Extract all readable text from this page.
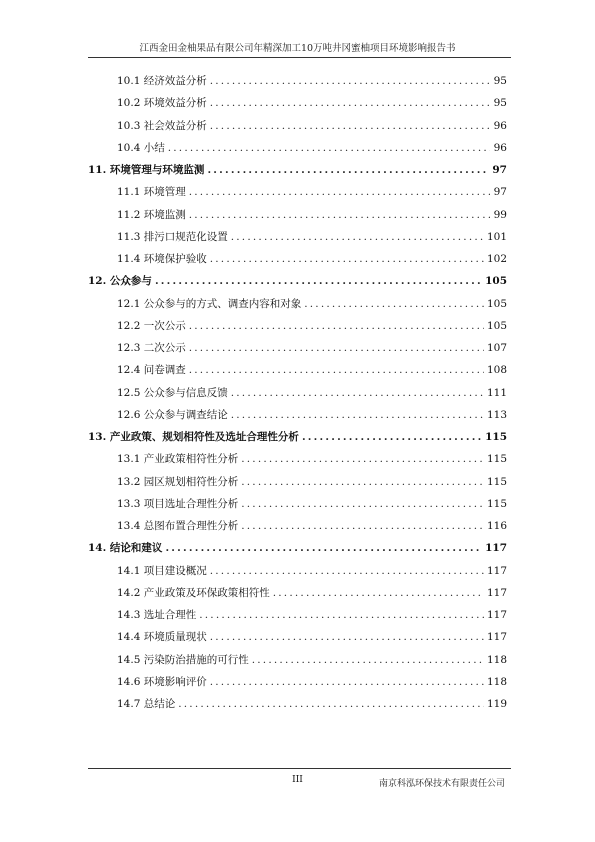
江西金田金柚果品有限公司年精深加工10万吨井冈蜜柚项目环境影响报告书
10.1 经济效益分析 .....	95
10.2 环境效益分析 .....	95
10.3 社会效益分析 .....	96
10.4 小结 .....	96
11. 环境管理与环境监测 .....	97
11.1 环境管理 .....	97
11.2 环境监测 .....	99
11.3 排污口规范化设置 .....	101
11.4 环境保护验收 .....	102
12. 公众参与 .....	105
12.1 公众参与的方式、调查内容和对象 .....	105
12.2 一次公示 .....	105
12.3 二次公示 .....	107
12.4 问卷调查 .....	108
12.5 公众参与信息反馈 .....	111
12.6 公众参与调查结论 .....	113
13. 产业政策、规划相符性及选址合理性分析 .....	115
13.1 产业政策相符性分析 .....	115
13.2 园区规划相符性分析 .....	115
13.3 项目选址合理性分析 .....	115
13.4 总图布置合理性分析 .....	116
14. 结论和建议 .....	117
14.1 项目建设概况 .....	117
14.2 产业政策及环保政策相符性 .....	117
14.3 选址合理性 .....	117
14.4 环境质量现状 .....	117
14.5 污染防治措施的可行性 .....	118
14.6 环境影响评价 .....	118
14.7 总结论 .....	119
III	南京科泓环保技术有限责任公司
